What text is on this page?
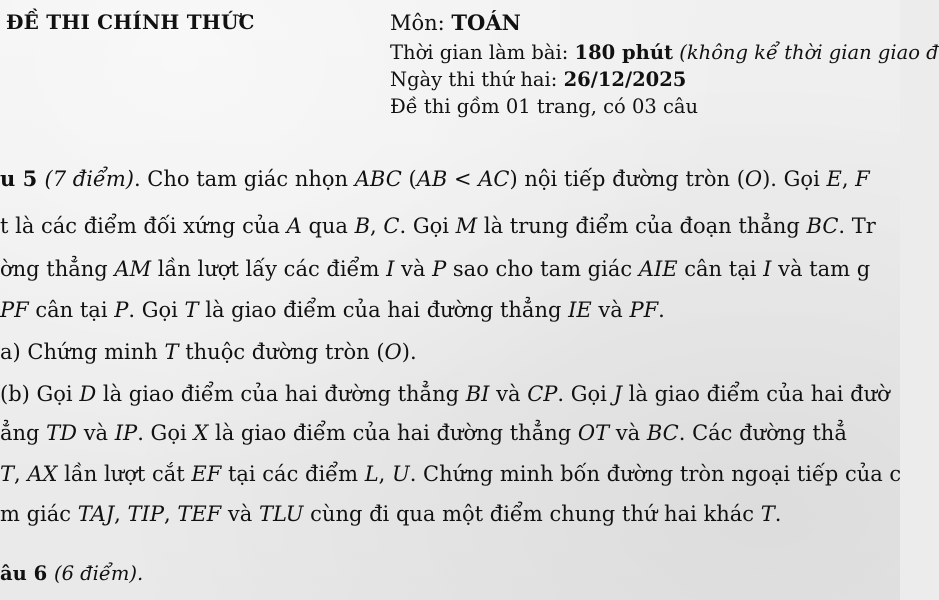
ĐỀ THI CHÍNH THỨC	Môn: TOÁN
Thời gian làm bài: 180 phút (không kể thời gian giao đ
Ngày thi thứ hai: 26/12/2025
Đề thi gồm 01 trang, có 03 câu
u 5 (7 điểm). Cho tam giác nhọn ABC (AB < AC) nội tiếp đường tròn (O). Gọi E, F
t là các điểm đối xứng của A qua B, C. Gọi M là trung điểm của đoạn thẳng BC. Tr
ờng thẳng AM lần lượt lấy các điểm I và P sao cho tam giác AIE cân tại I và tam g
PF cân tại P. Gọi T là giao điểm của hai đường thẳng IE và PF.
a) Chứng minh T thuộc đường tròn (O).
(b) Gọi D là giao điểm của hai đường thẳng BI và CP. Gọi J là giao điểm của hai đườ
ẳng TD và IP. Gọi X là giao điểm của hai đường thẳng OT và BC. Các đường thẳ
T, AX lần lượt cắt EF tại các điểm L, U. Chứng minh bốn đường tròn ngoại tiếp của c
m giác TAJ, TIP, TEF và TLU cùng đi qua một điểm chung thứ hai khác T.
âu 6 (6 điểm).
